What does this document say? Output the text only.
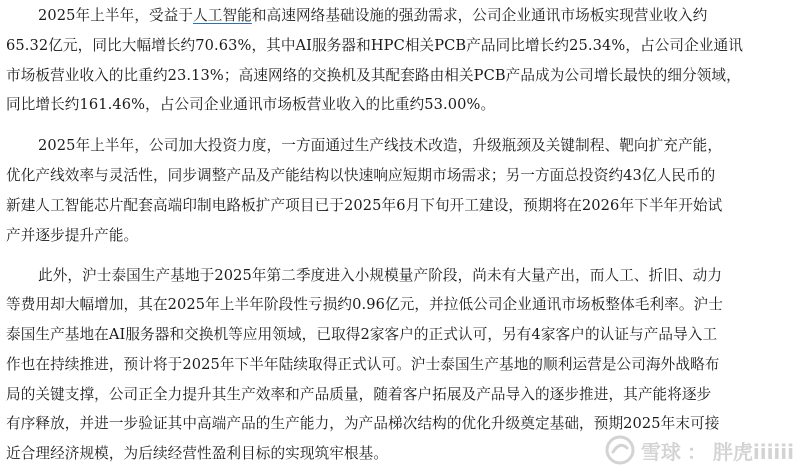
2025年上半年，受益于人工智能和高速网络基础设施的强劲需求，公司企业通讯市场板实现营业收入约
65.32亿元，同比大幅增长约70.63%，其中AI服务器和HPC相关PCB产品同比增长约25.34%，占公司企业通讯
市场板营业收入的比重约23.13%；高速网络的交换机及其配套路由相关PCB产品成为公司增长最快的细分领域，
同比增长约161.46%，占公司企业通讯市场板营业收入的比重约53.00%。
2025年上半年，公司加大投资力度，一方面通过生产线技术改造，升级瓶颈及关键制程、靶向扩充产能，
优化产线效率与灵活性，同步调整产品及产能结构以快速响应短期市场需求；另一方面总投资约43亿人民币的
新建人工智能芯片配套高端印制电路板扩产项目已于2025年6月下旬开工建设，预期将在2026年下半年开始试
产并逐步提升产能。
此外，沪士泰国生产基地于2025年第二季度进入小规模量产阶段，尚未有大量产出，而人工、折旧、动力
等费用却大幅增加，其在2025年上半年阶段性亏损约0.96亿元，并拉低公司企业通讯市场板整体毛利率。沪士
泰国生产基地在AI服务器和交换机等应用领域，已取得2家客户的正式认可，另有4家客户的认证与产品导入工
作也在持续推进，预计将于2025年下半年陆续取得正式认可。沪士泰国生产基地的顺利运营是公司海外战略布
局的关键支撑，公司正全力提升其生产效率和产品质量，随着客户拓展及产品导入的逐步推进，其产能将逐步
有序释放，并进一步验证其中高端产品的生产能力，为产品梯次结构的优化升级奠定基础，预期2025年末可接
近合理经济规模，为后续经营性盈利目标的实现筑牢根基。	雪球 ： 胖虎iiiiii
